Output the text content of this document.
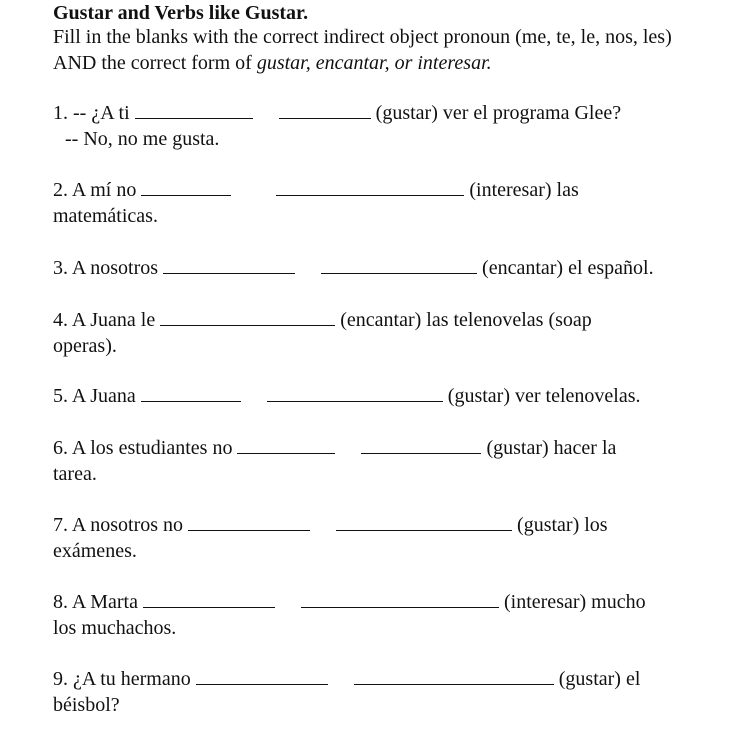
Gustar and Verbs like Gustar.
Fill in the blanks with the correct indirect object pronoun (me, te, le, nos, les) AND the correct form of gustar, encantar, or interesar.
1. -- ¿A ti	(gustar) ver el programa Glee?
-- No, no me gusta.
2. A mí no	(interesar) las
matemáticas.
3. A nosotros	(encantar) el español.
4. A Juana le	(encantar) las telenovelas (soap
operas).
5. A Juana	(gustar) ver telenovelas.
6. A los estudiantes no	(gustar) hacer la
tarea.
7. A nosotros no	(gustar) los
exámenes.
8. A Marta	(interesar) mucho
los muchachos.
9. ¿A tu hermano	(gustar) el
béisbol?
